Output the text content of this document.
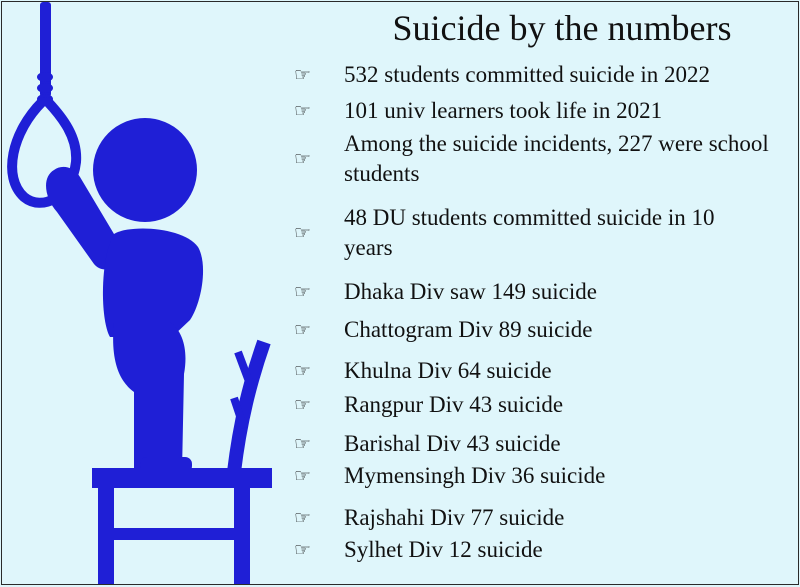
Suicide by the numbers
☞	532 students committed suicide in 2022
☞	101 univ learners took life in 2021
☞
Among the suicide incidents, 227 were school students
☞
48 DU students committed suicide in 10 years
☞	Dhaka Div saw 149 suicide
☞	Chattogram Div 89 suicide
☞	Khulna Div 64 suicide
☞	Rangpur Div 43 suicide
☞	Barishal Div 43 suicide
☞	Mymensingh Div 36 suicide
☞	Rajshahi Div 77 suicide
☞	Sylhet Div 12 suicide
